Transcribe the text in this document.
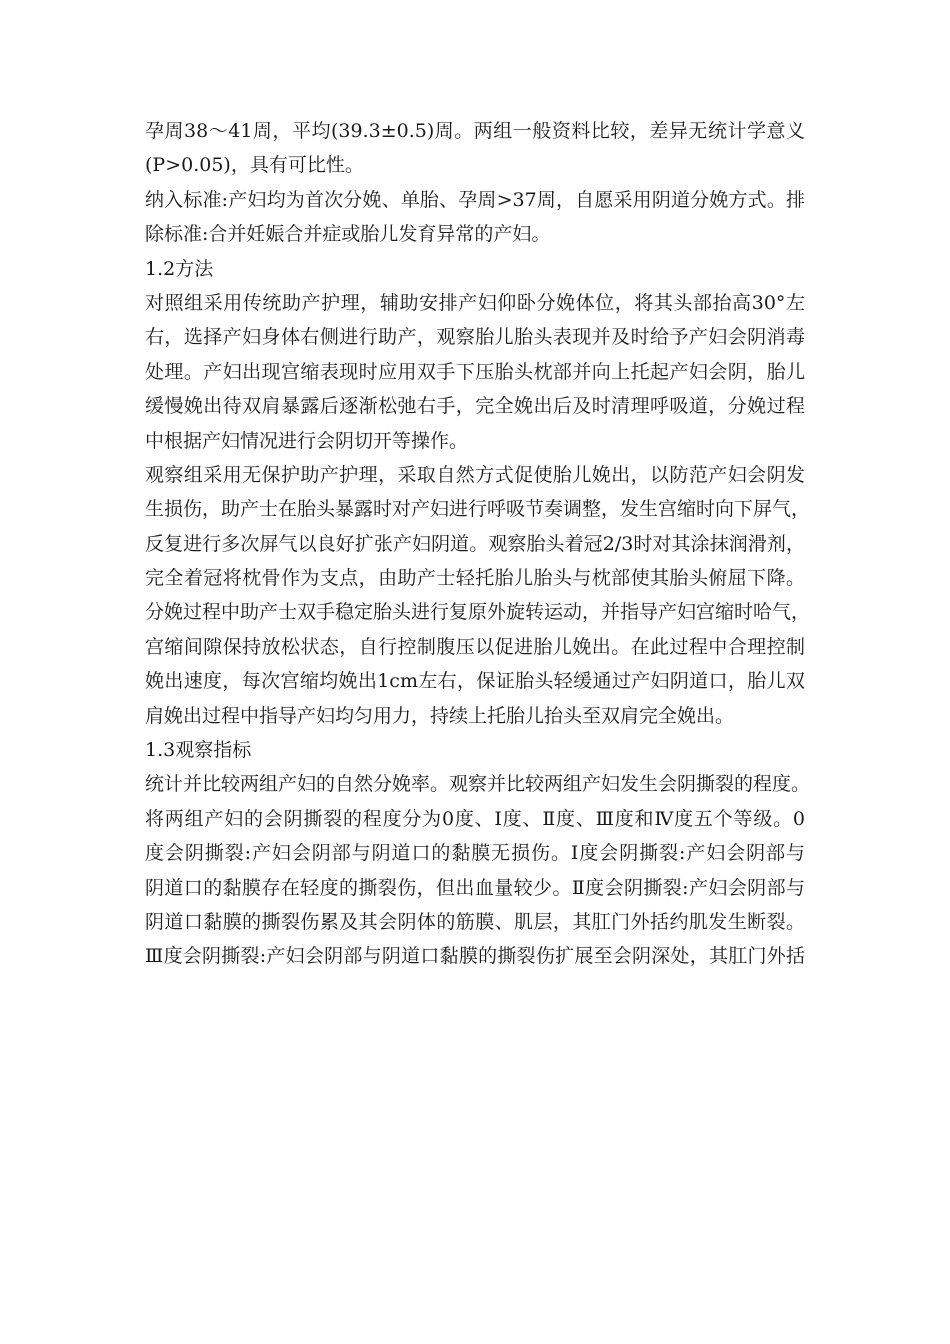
孕周38～41周，平均(39.3±0.5)周。两组一般资料比较，差异无统计学意义
(P>0.05)，具有可比性。
纳入标准:产妇均为首次分娩、单胎、孕周>37周，自愿采用阴道分娩方式。排
除标准:合并妊娠合并症或胎儿发育异常的产妇。
1.2方法
对照组采用传统助产护理，辅助安排产妇仰卧分娩体位，将其头部抬高30°左
右，选择产妇身体右侧进行助产，观察胎儿胎头表现并及时给予产妇会阴消毒
处理。产妇出现宫缩表现时应用双手下压胎头枕部并向上托起产妇会阴，胎儿
缓慢娩出待双肩暴露后逐渐松弛右手，完全娩出后及时清理呼吸道，分娩过程
中根据产妇情况进行会阴切开等操作。
观察组采用无保护助产护理，采取自然方式促使胎儿娩出，以防范产妇会阴发
生损伤，助产士在胎头暴露时对产妇进行呼吸节奏调整，发生宫缩时向下屏气，
反复进行多次屏气以良好扩张产妇阴道。观察胎头着冠2/3时对其涂抹润滑剂，
完全着冠将枕骨作为支点，由助产士轻托胎儿胎头与枕部使其胎头俯屈下降。
分娩过程中助产士双手稳定胎头进行复原外旋转运动，并指导产妇宫缩时哈气，
宫缩间隙保持放松状态，自行控制腹压以促进胎儿娩出。在此过程中合理控制
娩出速度，每次宫缩均娩出1cm左右，保证胎头轻缓通过产妇阴道口，胎儿双
肩娩出过程中指导产妇均匀用力，持续上托胎儿抬头至双肩完全娩出。
1.3观察指标
统计并比较两组产妇的自然分娩率。观察并比较两组产妇发生会阴撕裂的程度。
将两组产妇的会阴撕裂的程度分为0度、Ⅰ度、Ⅱ度、Ⅲ度和Ⅳ度五个等级。0
度会阴撕裂:产妇会阴部与阴道口的黏膜无损伤。Ⅰ度会阴撕裂:产妇会阴部与
阴道口的黏膜存在轻度的撕裂伤，但出血量较少。Ⅱ度会阴撕裂:产妇会阴部与
阴道口黏膜的撕裂伤累及其会阴体的筋膜、肌层，其肛门外括约肌发生断裂。
Ⅲ度会阴撕裂:产妇会阴部与阴道口黏膜的撕裂伤扩展至会阴深处，其肛门外括
